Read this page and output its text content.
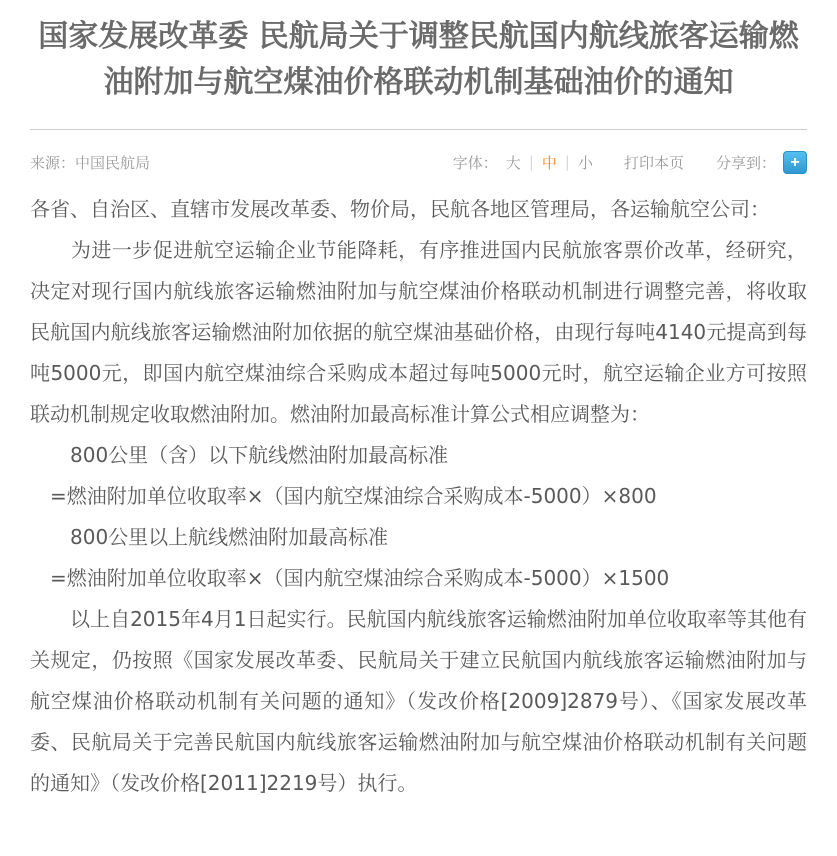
国家发展改革委 民航局关于调整民航国内航线旅客运输燃
油附加与航空煤油价格联动机制基础油价的通知
来源：中国民航局	字体： 大 | 中 | 小 打印本页 分享到： +

各省、自治区、直辖市发展改革委、物价局，民航各地区管理局，各运输航空公司：

　　为进一步促进航空运输企业节能降耗，有序推进国内民航旅客票价改革，经研究，决定对现行国内航线旅客运输燃油附加与航空煤油价格联动机制进行调整完善，将收取民航国内航线旅客运输燃油附加依据的航空煤油基础价格，由现行每吨4140元提高到每吨5000元，即国内航空煤油综合采购成本超过每吨5000元时，航空运输企业方可按照联动机制规定收取燃油附加。燃油附加最高标准计算公式相应调整为：

　　800公里（含）以下航线燃油附加最高标准

　=燃油附加单位收取率×（国内航空煤油综合采购成本-5000）×800

　　800公里以上航线燃油附加最高标准

　=燃油附加单位收取率×（国内航空煤油综合采购成本-5000）×1500

　　以上自2015年4月1日起实行。民航国内航线旅客运输燃油附加单位收取率等其他有关规定，仍按照《国家发展改革委、民航局关于建立民航国内航线旅客运输燃油附加与航空煤油价格联动机制有关问题的通知》（发改价格[2009]2879号）、《国家发展改革委、民航局关于完善民航国内航线旅客运输燃油附加与航空煤油价格联动机制有关问题的通知》（发改价格[2011]2219号）执行。
